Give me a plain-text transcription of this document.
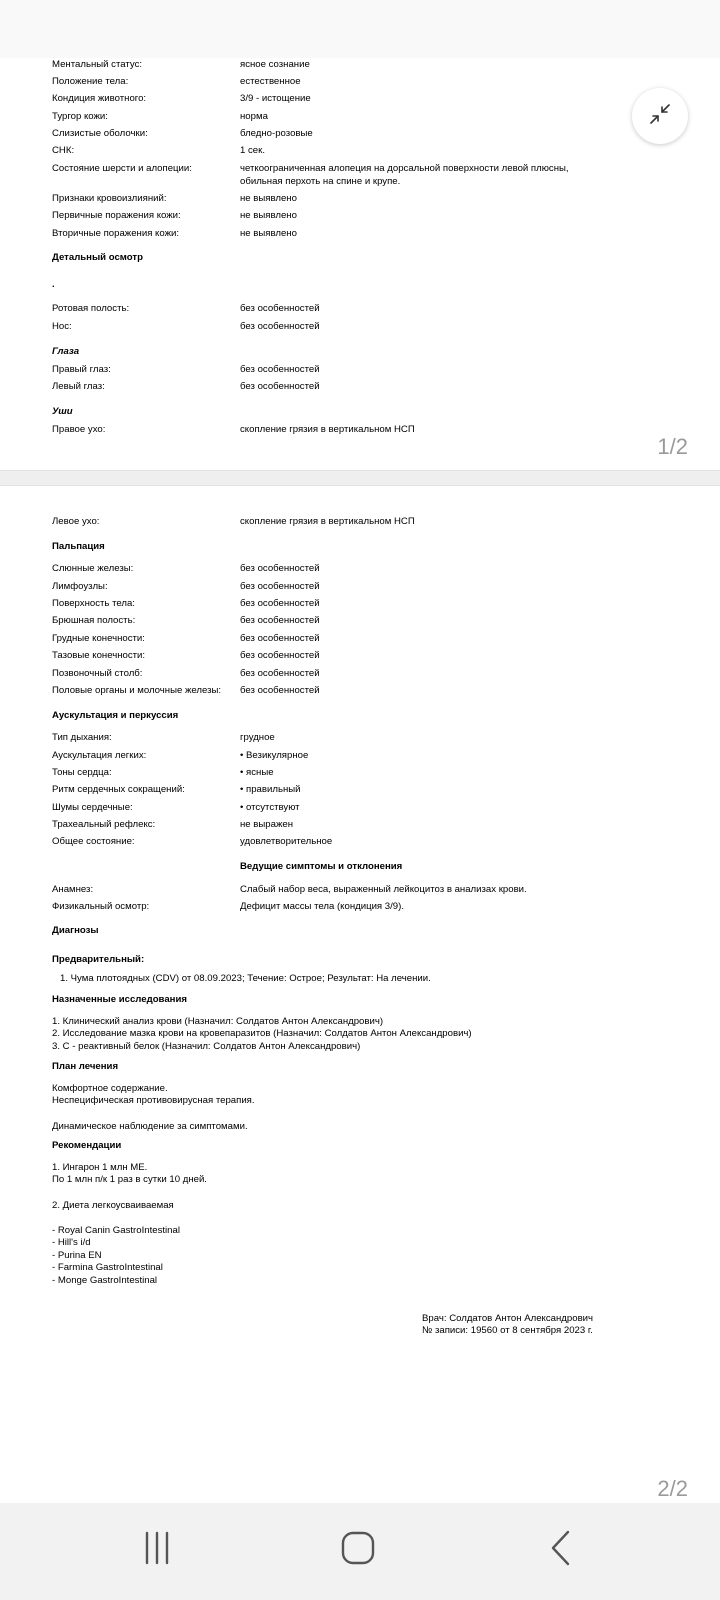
Ментальный статус:	ясное сознание
Положение тела:	естественное
Кондиция животного:	3/9 - истощение
Тургор кожи:	норма
Слизистые оболочки:	бледно-розовые
СНК:	1 сек.
Состояние шерсти и алопеции:	четкоограниченная алопеция на дорсальной поверхности левой плюсны,
обильная перхоть на спине и крупе.
Признаки кровоизлияний:	не выявлено
Первичные поражения кожи:	не выявлено
Вторичные поражения кожи:	не выявлено
Детальный осмотр
.
Ротовая полость:	без особенностей
Нос:	без особенностей
Глаза
Правый глаз:	без особенностей
Левый глаз:	без особенностей
Уши
Правое ухо:	скопление грязия в вертикальном НСП
1/2
Левое ухо:	скопление грязия в вертикальном НСП
Пальпация
Слюнные железы:	без особенностей
Лимфоузлы:	без особенностей
Поверхность тела:	без особенностей
Брюшная полость:	без особенностей
Грудные конечности:	без особенностей
Тазовые конечности:	без особенностей
Позвоночный столб:	без особенностей
Половые органы и молочные железы:	без особенностей
Аускультация и перкуссия
Тип дыхания:	грудное
Аускультация легких:	• Везикулярное
Тоны сердца:	• ясные
Ритм сердечных сокращений:	• правильный
Шумы сердечные:	• отсутствуют
Трахеальный рефлекс:	не выражен
Общее состояние:	удовлетворительное
Ведущие симптомы и отклонения
Анамнез:	Слабый набор веса, выраженный лейкоцитоз в анализах крови.
Физикальный осмотр:	Дефицит массы тела (кондиция 3/9).
Диагнозы
Предварительный:
1. Чума плотоядных (CDV) от 08.09.2023; Течение: Острое; Результат: На лечении.
Назначенные исследования
1. Клинический анализ крови (Назначил: Солдатов Антон Александрович)
2. Исследование мазка крови на кровепаразитов (Назначил: Солдатов Антон Александрович)
3. С - реактивный белок (Назначил: Солдатов Антон Александрович)
План лечения
Комфортное содержание.
Неспецифическая противовирусная терапия.
Динамическое наблюдение за симптомами.
Рекомендации
1. Ингарон 1 млн МЕ.
По 1 млн п/к 1 раз в сутки 10 дней.
2. Диета легкоусваиваемая
- Royal Canin GastroIntestinal
- Hill's i/d
- Purina EN
- Farmina GastroIntestinal
- Monge GastroIntestinal
Врач: Солдатов Антон Александрович
№ записи: 19560 от 8 сентября 2023 г.
2/2
